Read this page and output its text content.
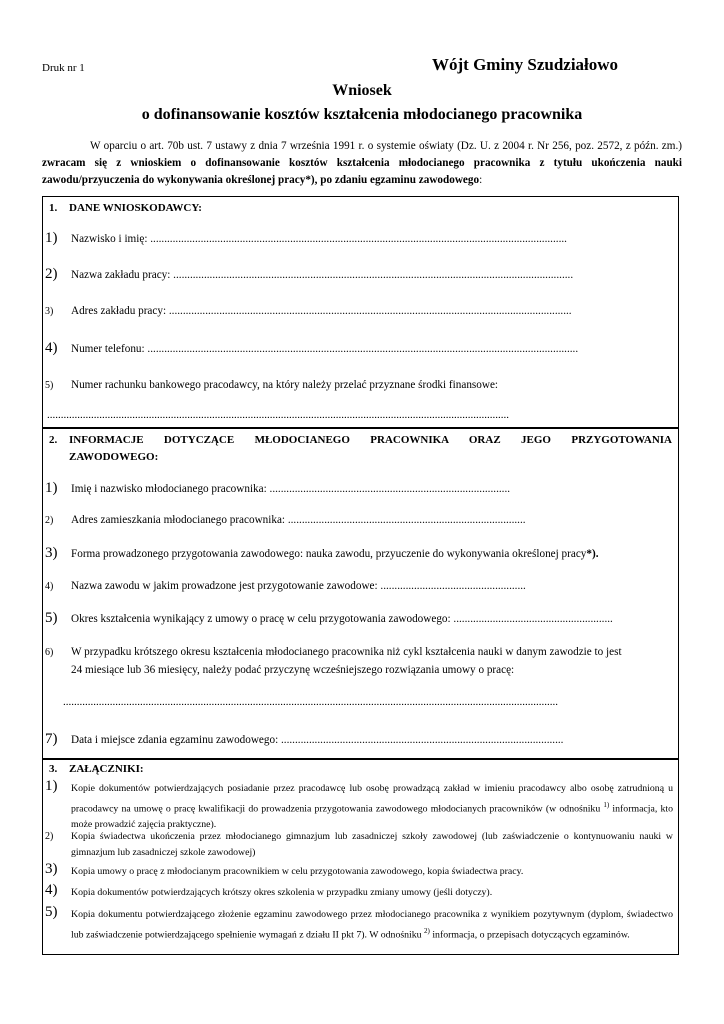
Druk nr 1	Wójt Gminy Szudziałowo
Wniosek
o dofinansowanie kosztów kształcenia młodocianego pracownika
W oparciu o art. 70b ust. 7 ustawy z dnia 7 września 1991 r. o systemie oświaty (Dz. U. z 2004 r. Nr 256, poz. 2572, z późn. zm.) zwracam się z wnioskiem o dofinansowanie kosztów kształcenia młodocianego pracownika z tytułu ukończenia nauki zawodu/przyuczenia do wykonywania określonej pracy*), po zdaniu egzaminu zawodowego:
1. DANE WNIOSKODAWCY:
1)	Nazwisko i imię: .....................................................................................................................................................
2)	Nazwa zakładu pracy: ...............................................................................................................................................
3)	Adres zakładu pracy: ................................................................................................................................................
4)	Numer telefonu: ..........................................................................................................................................................
5)	Numer rachunku bankowego pracodawcy, na który należy przelać przyznane środki finansowe:
........................................................................................................................................................................
2. INFORMACJE DOTYCZĄCE MŁODOCIANEGO PRACOWNIKA ORAZ JEGO PRZYGOTOWANIA
ZAWODOWEGO:
1)	Imię i nazwisko młodocianego pracownika: ......................................................................................
2)	Adres zamieszkania młodocianego pracownika: .....................................................................................
3)	Forma prowadzonego przygotowania zawodowego: nauka zawodu, przyuczenie do wykonywania określonej pracy*).
4)	Nazwa zawodu w jakim prowadzone jest przygotowanie zawodowe: ....................................................
5)	Okres kształcenia wynikający z umowy o pracę w celu przygotowania zawodowego: .........................................................
6)	W przypadku krótszego okresu kształcenia młodocianego pracownika niż cykl kształcenia nauki w danym zawodzie to jest
24 miesiące lub 36 miesięcy, należy podać przyczynę wcześniejszego rozwiązania umowy o pracę:
....................................................................................................................................................................................
7)	Data i miejsce zdania egzaminu zawodowego: .....................................................................................................
3. ZAŁĄCZNIKI:
1)	Kopie dokumentów potwierdzających posiadanie przez pracodawcę lub osobę prowadzącą zakład w imieniu pracodawcy albo osobę zatrudnioną u pracodawcy na umowę o pracę kwalifikacji do prowadzenia przygotowania zawodowego młodocianych pracowników (w odnośniku $^{1)}$ informacja, kto może prowadzić zajęcia praktyczne).
2)	Kopia świadectwa ukończenia przez młodocianego gimnazjum lub zasadniczej szkoły zawodowej (lub zaświadczenie o kontynuowaniu nauki w gimnazjum lub zasadniczej szkole zawodowej)
3)	Kopia umowy o pracę z młodocianym pracownikiem w celu przygotowania zawodowego, kopia świadectwa pracy.
4)	Kopia dokumentów potwierdzających krótszy okres szkolenia w przypadku zmiany umowy (jeśli dotyczy).
5)	Kopia dokumentu potwierdzającego złożenie egzaminu zawodowego przez młodocianego pracownika z wynikiem pozytywnym (dyplom, świadectwo lub zaświadczenie potwierdzającego spełnienie wymagań z działu II pkt 7). W odnośniku $^{2)}$ informacja, o przepisach dotyczących egzaminów.
